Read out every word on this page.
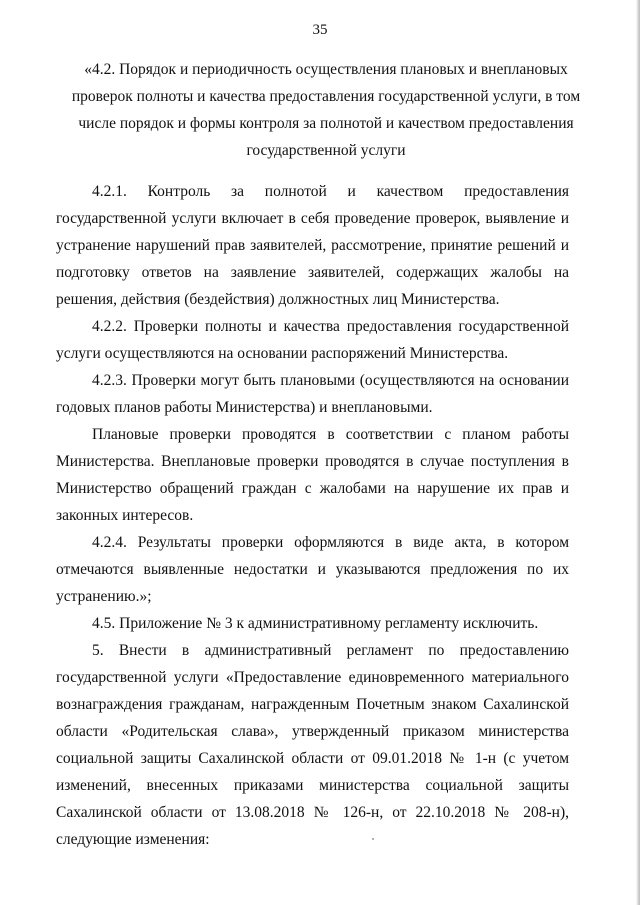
35
«4.2. Порядок и периодичность осуществления плановых и внеплановых проверок полноты и качества предоставления государственной услуги, в том числе порядок и формы контроля за полнотой и качеством предоставления государственной услуги

4.2.1. Контроль за полнотой и качеством предоставления государственной услуги включает в себя проведение проверок, выявление и устранение нарушений прав заявителей, рассмотрение, принятие решений и подготовку ответов на заявление заявителей, содержащих жалобы на решения, действия (бездействия) должностных лиц Министерства.

4.2.2. Проверки полноты и качества предоставления государственной услуги осуществляются на основании распоряжений Министерства.

4.2.3. Проверки могут быть плановыми (осуществляются на основании годовых планов работы Министерства) и внеплановыми.

Плановые проверки проводятся в соответствии с планом работы Министерства. Внеплановые проверки проводятся в случае поступления в Министерство обращений граждан с жалобами на нарушение их прав и законных интересов.

4.2.4. Результаты проверки оформляются в виде акта, в котором отмечаются выявленные недостатки и указываются предложения по их устранению.»;

4.5. Приложение № 3 к административному регламенту исключить.

5. Внести в административный регламент по предоставлению государственной услуги «Предоставление единовременного материального вознаграждения гражданам, награжденным Почетным знаком Сахалинской области «Родительская слава», утвержденный приказом министерства социальной защиты Сахалинской области от 09.01.2018 № 1-н (с учетом изменений, внесенных приказами министерства социальной защиты Сахалинской области от 13.08.2018 № 126-н, от 22.10.2018 № 208-н), следующие изменения:
